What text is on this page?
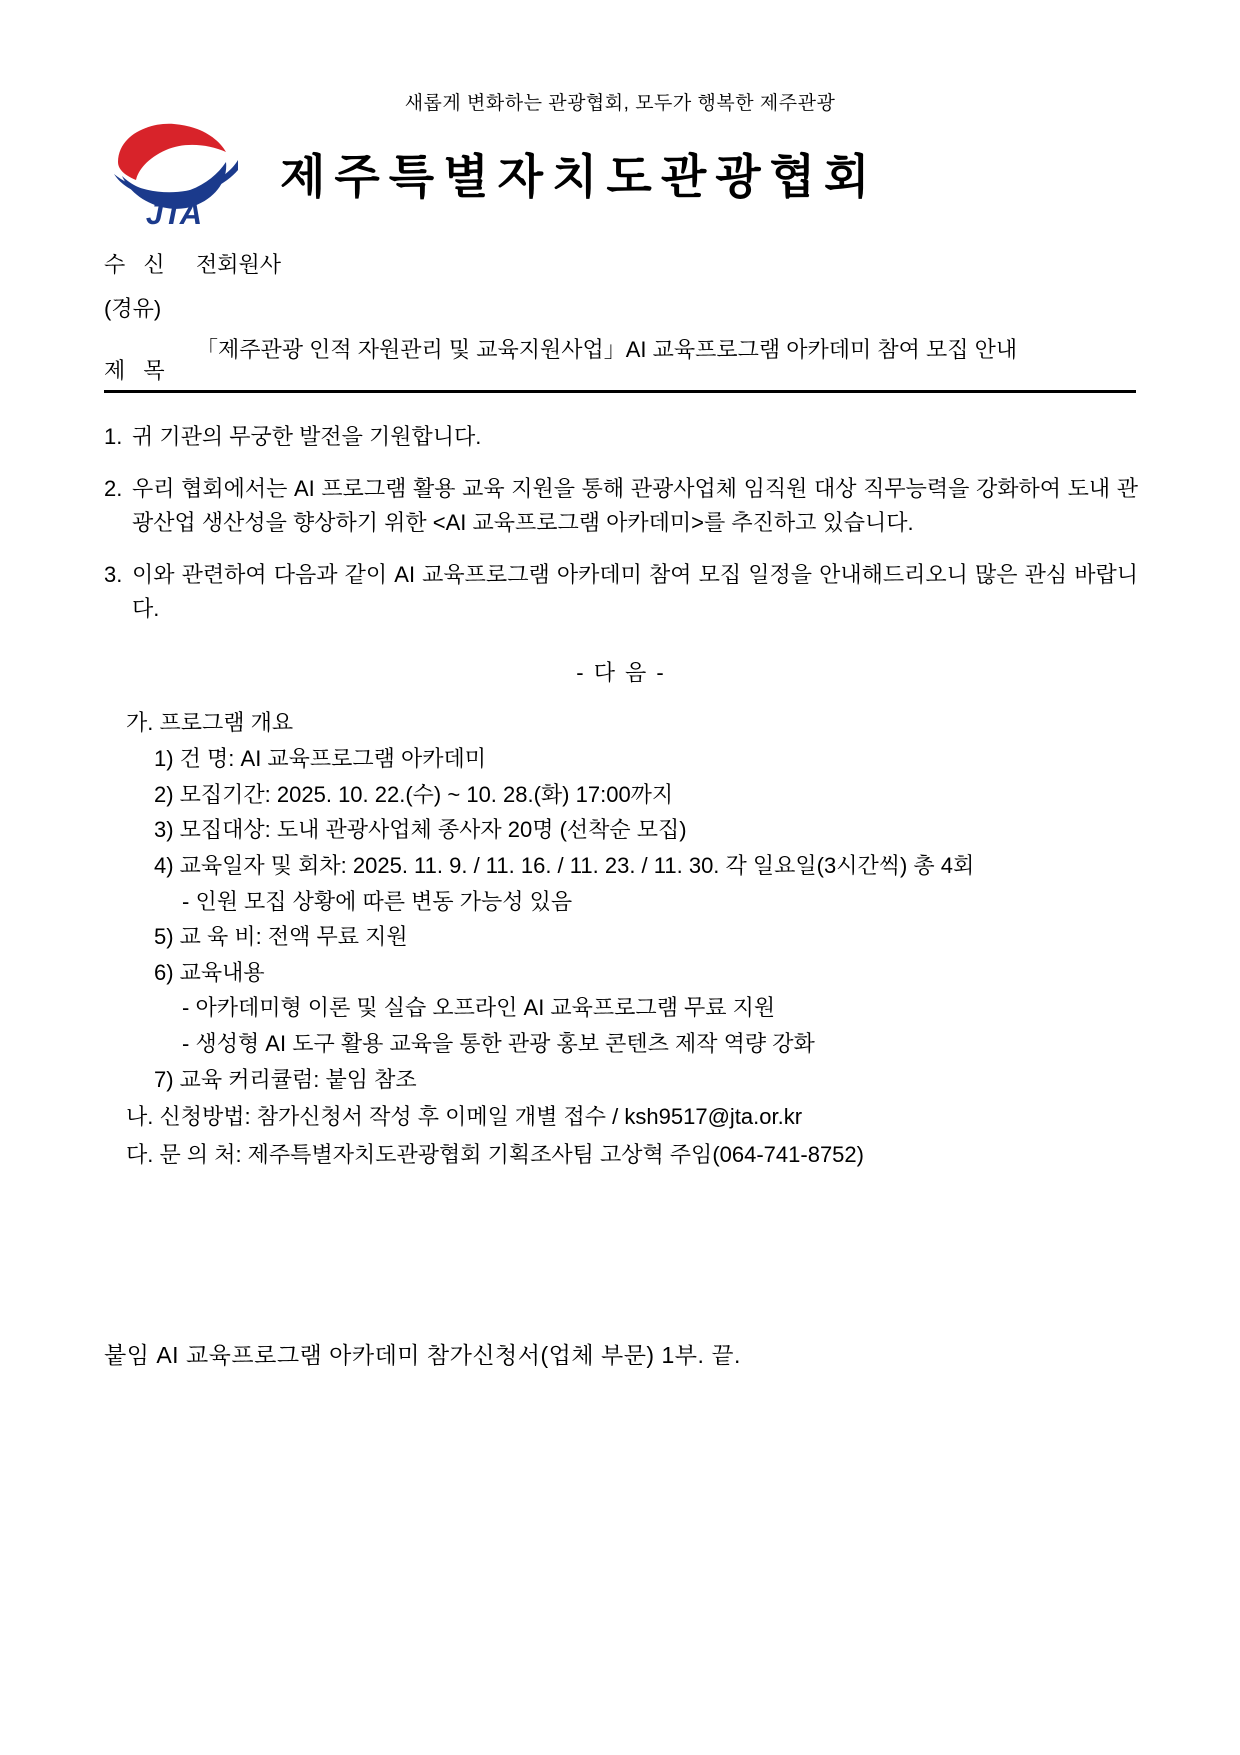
새롭게 변화하는 관광협회, 모두가 행복한 제주관광
JTA
제주특별자치도관광협회
수 신 전회원사
(경유)
제 목
「제주관광 인적 자원관리 및 교육지원사업」AI 교육프로그램 아카데미 참여 모집 안내
1. 귀 기관의 무궁한 발전을 기원합니다.
2. 우리 협회에서는 AI 프로그램 활용 교육 지원을 통해 관광사업체 임직원 대상 직무능력을 강화하여 도내 관광산업 생산성을 향상하기 위한 <AI 교육프로그램 아카데미>를 추진하고 있습니다.
3. 이와 관련하여 다음과 같이 AI 교육프로그램 아카데미 참여 모집 일정을 안내해드리오니 많은 관심 바랍니다.
- 다 음 -
가. 프로그램 개요
1) 건 명: AI 교육프로그램 아카데미
2) 모집기간: 2025. 10. 22.(수) ~ 10. 28.(화) 17:00까지
3) 모집대상: 도내 관광사업체 종사자 20명 (선착순 모집)
4) 교육일자 및 회차: 2025. 11. 9. / 11. 16. / 11. 23. / 11. 30. 각 일요일(3시간씩) 총 4회
- 인원 모집 상황에 따른 변동 가능성 있음
5) 교 육 비: 전액 무료 지원
6) 교육내용
- 아카데미형 이론 및 실습 오프라인 AI 교육프로그램 무료 지원
- 생성형 AI 도구 활용 교육을 통한 관광 홍보 콘텐츠 제작 역량 강화
7) 교육 커리큘럼: 붙임 참조
나. 신청방법: 참가신청서 작성 후 이메일 개별 접수 / ksh9517@jta.or.kr
다. 문 의 처: 제주특별자치도관광협회 기획조사팀 고상혁 주임(064-741-8752)
붙임 AI 교육프로그램 아카데미 참가신청서(업체 부문) 1부. 끝.
